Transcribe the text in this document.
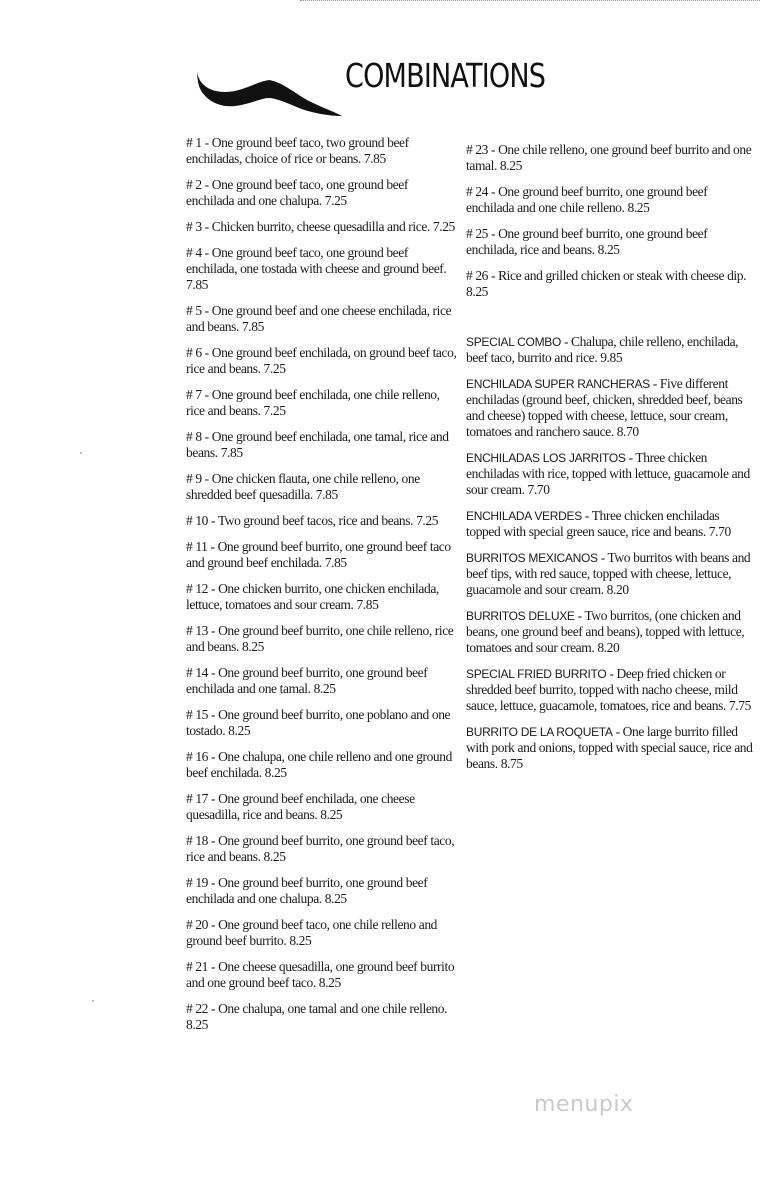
COMBINATIONS
# 1 - One ground beef taco, two ground beef enchiladas, choice of rice or beans. 7.85
# 2 - One ground beef taco, one ground beef enchilada and one chalupa. 7.25
# 3 - Chicken burrito, cheese quesadilla and rice. 7.25
# 4 - One ground beef taco, one ground beef enchilada, one tostada with cheese and ground beef. 7.85
# 5 - One ground beef and one cheese enchilada, rice and beans. 7.85
# 6 - One ground beef enchilada, on ground beef taco, rice and beans. 7.25
# 7 - One ground beef enchilada, one chile relleno, rice and beans. 7.25
# 8 - One ground beef enchilada, one tamal, rice and beans. 7.85
# 9 - One chicken flauta, one chile relleno, one shredded beef quesadilla. 7.85
# 10 - Two ground beef tacos, rice and beans. 7.25
# 11 - One ground beef burrito, one ground beef taco and ground beef enchilada. 7.85
# 12 - One chicken burrito, one chicken enchilada, lettuce, tomatoes and sour cream. 7.85
# 13 - One ground beef burrito, one chile relleno, rice and beans. 8.25
# 14 - One ground beef burrito, one ground beef enchilada and one tamal. 8.25
# 15 - One ground beef burrito, one poblano and one tostado. 8.25
# 16 - One chalupa, one chile relleno and one ground beef enchilada. 8.25
# 17 - One ground beef enchilada, one cheese quesadilla, rice and beans. 8.25
# 18 - One ground beef burrito, one ground beef taco, rice and beans. 8.25
# 19 - One ground beef burrito, one ground beef enchilada and one chalupa. 8.25
# 20 - One ground beef taco, one chile relleno and ground beef burrito. 8.25
# 21 - One cheese quesadilla, one ground beef burrito and one ground beef taco. 8.25
# 22 - One chalupa, one tamal and one chile relleno. 8.25
# 23 - One chile relleno, one ground beef burrito and one tamal. 8.25
# 24 - One ground beef burrito, one ground beef enchilada and one chile relleno. 8.25
# 25 - One ground beef burrito, one ground beef enchilada, rice and beans. 8.25
# 26 - Rice and grilled chicken or steak with cheese dip. 8.25
SPECIAL COMBO - Chalupa, chile relleno, enchilada, beef taco, burrito and rice. 9.85
ENCHILADA SUPER RANCHERAS - Five different enchiladas (ground beef, chicken, shredded beef, beans and cheese) topped with cheese, lettuce, sour cream, tomatoes and ranchero sauce. 8.70
ENCHILADAS LOS JARRITOS - Three chicken enchiladas with rice, topped with lettuce, guacamole and sour cream. 7.70
ENCHILADA VERDES - Three chicken enchiladas topped with special green sauce, rice and beans. 7.70
BURRITOS MEXICANOS - Two burritos with beans and beef tips, with red sauce, topped with cheese, lettuce, guacamole and sour cream. 8.20
BURRITOS DELUXE - Two burritos, (one chicken and beans, one ground beef and beans), topped with lettuce, tomatoes and sour cream. 8.20
SPECIAL FRIED BURRITO - Deep fried chicken or shredded beef burrito, topped with nacho cheese, mild sauce, lettuce, guacamole, tomatoes, rice and beans. 7.75
BURRITO DE LA ROQUETA - One large burrito filled with pork and onions, topped with special sauce, rice and beans. 8.75
menupix
